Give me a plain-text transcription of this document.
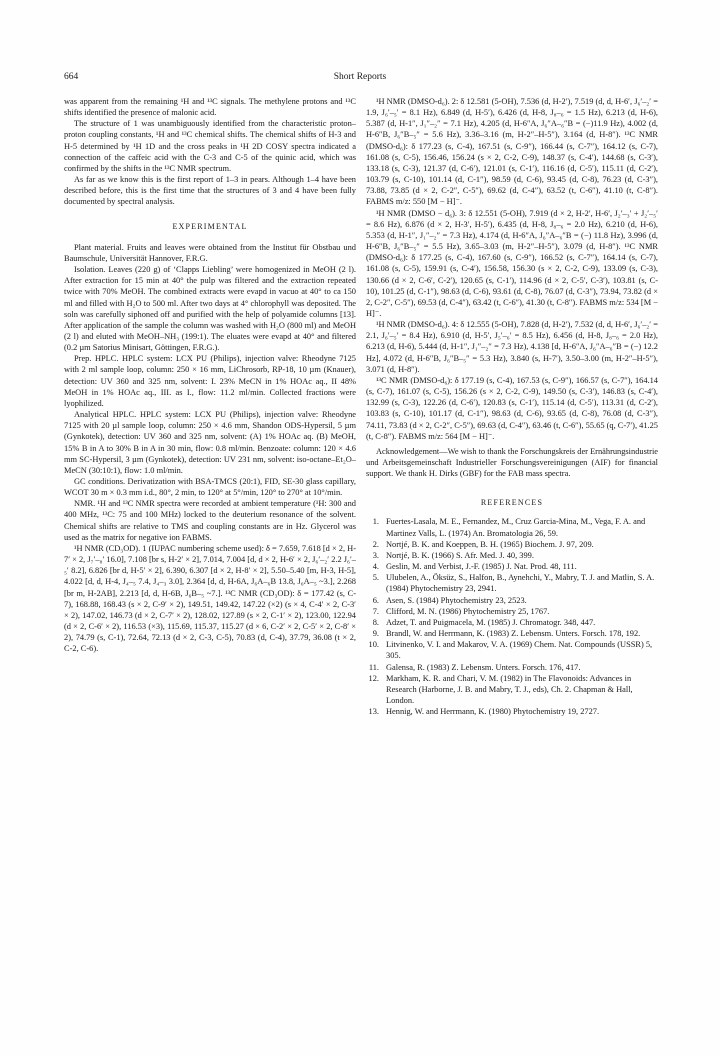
664	Short Reports

was apparent from the remaining ¹H and ¹³C signals. The methylene protons and ¹³C shifts identified the presence of malonic acid.

The structure of 1 was unambiguously identified from the characteristic proton–proton coupling constants, ¹H and ¹³C chemical shifts. The chemical shifts of H-3 and H-5 determined by ¹H 1D and the cross peaks in ¹H 2D COSY spectra indicated a connection of the caffeic acid with the C-3 and C-5 of the quinic acid, which was confirmed by the shifts in the ¹³C NMR spectrum.

As far as we know this is the first report of 1–3 in pears. Although 1–4 have been described before, this is the first time that the structures of 3 and 4 have been fully documented by spectral analysis.

EXPERIMENTAL

Plant material. Fruits and leaves were obtained from the Institut für Obstbau und Baumschule, Universität Hannover, F.R.G.

Isolation. Leaves (220 g) of ‘Clapps Liebling’ were homogenized in MeOH (2 l). After extraction for 15 min at 40° the pulp was filtered and the extraction repeated twice with 70% MeOH. The combined extracts were evapd in vacuo at 40° to ca 150 ml and filled with H₂O to 500 ml. After two days at 4° chlorophyll was deposited. The soln was carefully siphoned off and purified with the help of polyamide columns [13]. After application of the sample the column was washed with H₂O (800 ml) and MeOH (2 l) and eluted with MeOH–NH₃ (199:1). The eluates were evapd at 40° and filtered (0.2 µm Satorius Minisart, Göttingen, F.R.G.).

Prep. HPLC. HPLC system: LCX PU (Philips), injection valve: Rheodyne 7125 with 2 ml sample loop, column: 250 × 16 mm, LiChrosorb, RP-18, 10 µm (Knauer), detection: UV 360 and 325 nm, solvent: I. 23% MeCN in 1% HOAc aq., II 48% MeOH in 1% HOAc aq., III. as I., flow: 11.2 ml/min. Collected fractions were lyophilized.

Analytical HPLC. HPLC system: LCX PU (Philips), injection valve: Rheodyne 7125 with 20 µl sample loop, column: 250 × 4.6 mm, Shandon ODS-Hypersil, 5 µm (Gynkotek), detection: UV 360 and 325 nm, solvent: (A) 1% HOAc aq. (B) MeOH, 15% B in A to 30% B in A in 30 min, flow: 0.8 ml/min. Benzoate: column: 120 × 4.6 mm SC-Hypersil, 3 µm (Gynkotek), detection: UV 231 nm, solvent: iso-octane–Et₂O–MeCN (30:10:1), flow: 1.0 ml/min.

GC conditions. Derivatization with BSA-TMCS (20:1), FID, SE-30 glass capillary, WCOT 30 m × 0.3 mm i.d., 80°, 2 min, to 120° at 5°/min, 120° to 270° at 10°/min.

NMR. ¹H and ¹³C NMR spectra were recorded at ambient temperature (¹H: 300 and 400 MHz, ¹³C: 75 and 100 MHz) locked to the deuterium resonance of the solvent. Chemical shifts are relative to TMS and coupling constants are in Hz. Glycerol was used as the matrix for negative ion FABMS.

¹H NMR (CD₃OD). 1 (IUPAC numbering scheme used): δ = 7.659, 7.618 [d × 2, H-7′ × 2, J₇′–₈′ 16.0], 7.108 [br s, H-2′ × 2], 7.014, 7.004 [d, d × 2, H-6′ × 2, J₆′–₂′ 2.2 J₆′–₅′ 8.2], 6.826 [br d, H-5′ × 2], 6.390, 6.307 [d × 2, H-8′ × 2], 5.50–5.40 [m, H-3, H-5], 4.022 [d, d, H-4, J₄–₅ 7.4, J₄–₃ 3.0], 2.364 [d, d, H-6A, J₆A–₆B 13.8, J₆A–₅ ~3.], 2.268 [br m, H-2AB], 2.213 [d, d, H-6B, J₆B–₅ ~7.]. ¹³C NMR (CD₃OD): δ = 177.42 (s, C-7), 168.88, 168.43 (s × 2, C-9′ × 2), 149.51, 149.42, 147.22 (×2) (s × 4, C-4′ × 2, C-3′ × 2), 147.02, 146.73 (d × 2, C-7′ × 2), 128.02, 127.89 (s × 2, C-1′ × 2), 123.00, 122.94 (d × 2, C-6′ × 2), 116.53 (×3), 115.69, 115.37, 115.27 (d × 6, C-2′ × 2, C-5′ × 2, C-8′ × 2), 74.79 (s, C-1), 72.64, 72.13 (d × 2, C-3, C-5), 70.83 (d, C-4), 37.79, 36.08 (t × 2, C-2, C-6).

¹H NMR (DMSO-d₆). 2: δ 12.581 (5-OH), 7.536 (d, H-2′), 7.519 (d, d, H-6′, J₆′–₂′ = 1.9, J₆′–₅′ = 8.1 Hz), 6.849 (d, H-5′), 6.426 (d, H-8, J₈–₆ = 1.5 Hz), 6.213 (d, H-6), 5.387 (d, H-1″, J₁″–₂″ = 7.1 Hz), 4.205 (d, H-6″A, J₆″A–₆″B = (−)11.9 Hz), 4.002 (d, H-6″B, J₆″B–₅″ = 5.6 Hz), 3.36–3.16 (m, H-2″–H-5″), 3.164 (d, H-8″). ¹³C NMR (DMSO-d₆): δ 177.23 (s, C-4), 167.51 (s, C-9″), 166.44 (s, C-7″), 164.12 (s, C-7), 161.08 (s, C-5), 156.46, 156.24 (s × 2, C-2, C-9), 148.37 (s, C-4′), 144.68 (s, C-3′), 133.18 (s, C-3), 121.37 (d, C-6′), 121.01 (s, C-1′), 116.16 (d, C-5′), 115.11 (d, C-2′), 103.79 (s, C-10), 101.14 (d, C-1″), 98.59 (d, C-6), 93.45 (d, C-8), 76.23 (d, C-3″), 73.88, 73.85 (d × 2, C-2″, C-5″), 69.62 (d, C-4″), 63.52 (t, C-6″), 41.10 (t, C-8″). FABMS m/z: 550 [M − H]⁻.

¹H NMR (DMSO − d₆). 3: δ 12.551 (5-OH), 7.919 (d × 2, H-2′, H-6′, J₂′–₃′ + J₂′–₅′ = 8.6 Hz), 6.876 (d × 2, H-3′, H-5′), 6.435 (d, H-8, J₈–₆ = 2.0 Hz), 6.210 (d, H-6), 5.353 (d, H-1″, J₁″–₂″ = 7.3 Hz), 4.174 (d, H-6″A, J₆″A–₆″B = (−) 11.8 Hz), 3.996 (d, H-6″B, J₆″B–₅″ = 5.5 Hz), 3.65–3.03 (m, H-2″–H-5″), 3.079 (d, H-8″). ¹³C NMR (DMSO-d₆): δ 177.25 (s, C-4), 167.60 (s, C-9″), 166.52 (s, C-7″), 164.14 (s, C-7), 161.08 (s, C-5), 159.91 (s, C-4′), 156.58, 156.30 (s × 2, C-2, C-9), 133.09 (s, C-3), 130.66 (d × 2, C-6′, C-2′), 120.65 (s, C-1′), 114.96 (d × 2, C-5′, C-3′), 103.81 (s, C-10), 101.25 (d, C-1″), 98.63 (d, C-6), 93.61 (d, C-8), 76.07 (d, C-3″), 73.94, 73.82 (d × 2, C-2″, C-5″), 69.53 (d, C-4″), 63.42 (t, C-6″), 41.30 (t, C-8″). FABMS m/z: 534 [M − H]⁻.

¹H NMR (DMSO-d₆). 4: δ 12.555 (5-OH), 7.828 (d, H-2′), 7.532 (d, d, H-6′, J₆′–₂′ = 2.1, J₆′–₅′ = 8.4 Hz), 6.910 (d, H-5′, J₅′–₆′ = 8.5 Hz), 6.456 (d, H-8, J₈–₆ = 2.0 Hz), 6.213 (d, H-6), 5.444 (d, H-1″, J₁″–₂″ = 7.3 Hz), 4.138 [d, H-6″A, J₆″A–₆″B = (−) 12.2 Hz], 4.072 (d, H-6″B, J₆″B–₅″ = 5.3 Hz), 3.840 (s, H-7′), 3.50–3.00 (m, H-2″–H-5″), 3.071 (d, H-8″).

¹³C NMR (DMSO-d₆): δ 177.19 (s, C-4), 167.53 (s, C-9″), 166.57 (s, C-7″), 164.14 (s, C-7), 161.07 (s, C-5), 156.26 (s × 2, C-2, C-9), 149.50 (s, C-3′), 146.83 (s, C-4′), 132.99 (s, C-3), 122.26 (d, C-6′), 120.83 (s, C-1′), 115.14 (d, C-5′), 113.31 (d, C-2′), 103.83 (s, C-10), 101.17 (d, C-1″), 98.63 (d, C-6), 93.65 (d, C-8), 76.08 (d, C-3″), 74.11, 73.83 (d × 2, C-2″, C-5″), 69.63 (d, C-4″), 63.46 (t, C-6″), 55.65 (q, C-7′), 41.25 (t, C-8″). FABMS m/z: 564 [M − H]⁻.

Acknowledgement—We wish to thank the Forschungskreis der Ernährungsindustrie und Arbeitsgemeinschaft Industrieller Forschungsvereinigungen (AIF) for financial support. We thank H. Dirks (GBF) for the FAB mass spectra.

REFERENCES
1. Fuertes-Lasala, M. E., Fernandez, M., Cruz Garcia-Mina, M., Vega, F. A. and Martinez Valls, L. (1974) An. Bromatologia 26, 59.
2. Nortjé, B. K. and Koeppen, B. H. (1965) Biochem. J. 97, 209.
3. Nortjé, B. K. (1966) S. Afr. Med. J. 40, 399.
4. Geslin, M. and Verbist, J.-F. (1985) J. Nat. Prod. 48, 111.
5. Ulubelen, A., Öksüz, S., Halfon, B., Aynehchi, Y., Mabry, T. J. and Matlin, S. A. (1984) Phytochemistry 23, 2941.
6. Asen, S. (1984) Phytochemistry 23, 2523.
7. Clifford, M. N. (1986) Phytochemistry 25, 1767.
8. Adzet, T. and Puigmacela, M. (1985) J. Chromatogr. 348, 447.
9. Brandl, W. and Herrmann, K. (1983) Z. Lebensm. Unters. Forsch. 178, 192.
10. Litvinenko, V. I. and Makarov, V. A. (1969) Chem. Nat. Compounds (USSR) 5, 305.
11. Galensa, R. (1983) Z. Lebensm. Unters. Forsch. 176, 417.
12. Markham, K. R. and Chari, V. M. (1982) in The Flavonoids: Advances in Research (Harborne, J. B. and Mabry, T. J., eds), Ch. 2. Chapman & Hall, London.
13. Hennig, W. and Herrmann, K. (1980) Phytochemistry 19, 2727.
